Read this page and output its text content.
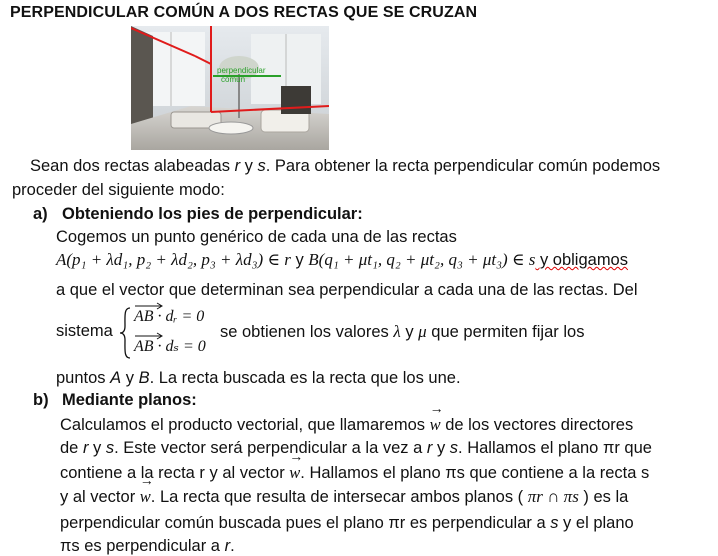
PERPENDICULAR COMÚN A DOS RECTAS QUE SE CRUZAN
perpendicular
común
Sean dos rectas alabeadas r y s. Para obtener la recta perpendicular común podemos
proceder del siguiente modo:
a) Obteniendo los pies de perpendicular:
Cogemos un punto genérico de cada una de las rectas
A(p₁ + λd₁, p₂ + λd₂, p₃ + λd₃) ∈ r y B(q₁ + μt₁, q₂ + μt₂, q₃ + μt₃) ∈ s y obligamos
a que el vector que determinan sea perpendicular a cada una de las rectas. Del
sistema
AB · dᵣ = 0
AB · dₛ = 0
se obtienen los valores λ y μ que permiten fijar los
puntos A y B. La recta buscada es la recta que los une.
b) Mediante planos:
Calculamos el producto vectorial, que llamaremos → w de los vectores directores
de r y s. Este vector será perpendicular a la vez a r y s. Hallamos el plano πr que
contiene a la recta r y al vector → w. Hallamos el plano πs que contiene a la recta s
y al vector → w. La recta que resulta de intersecar ambos planos ( πr ∩ πs ) es la
perpendicular común buscada pues el plano πr es perpendicular a s y el plano
πs es perpendicular a r.
